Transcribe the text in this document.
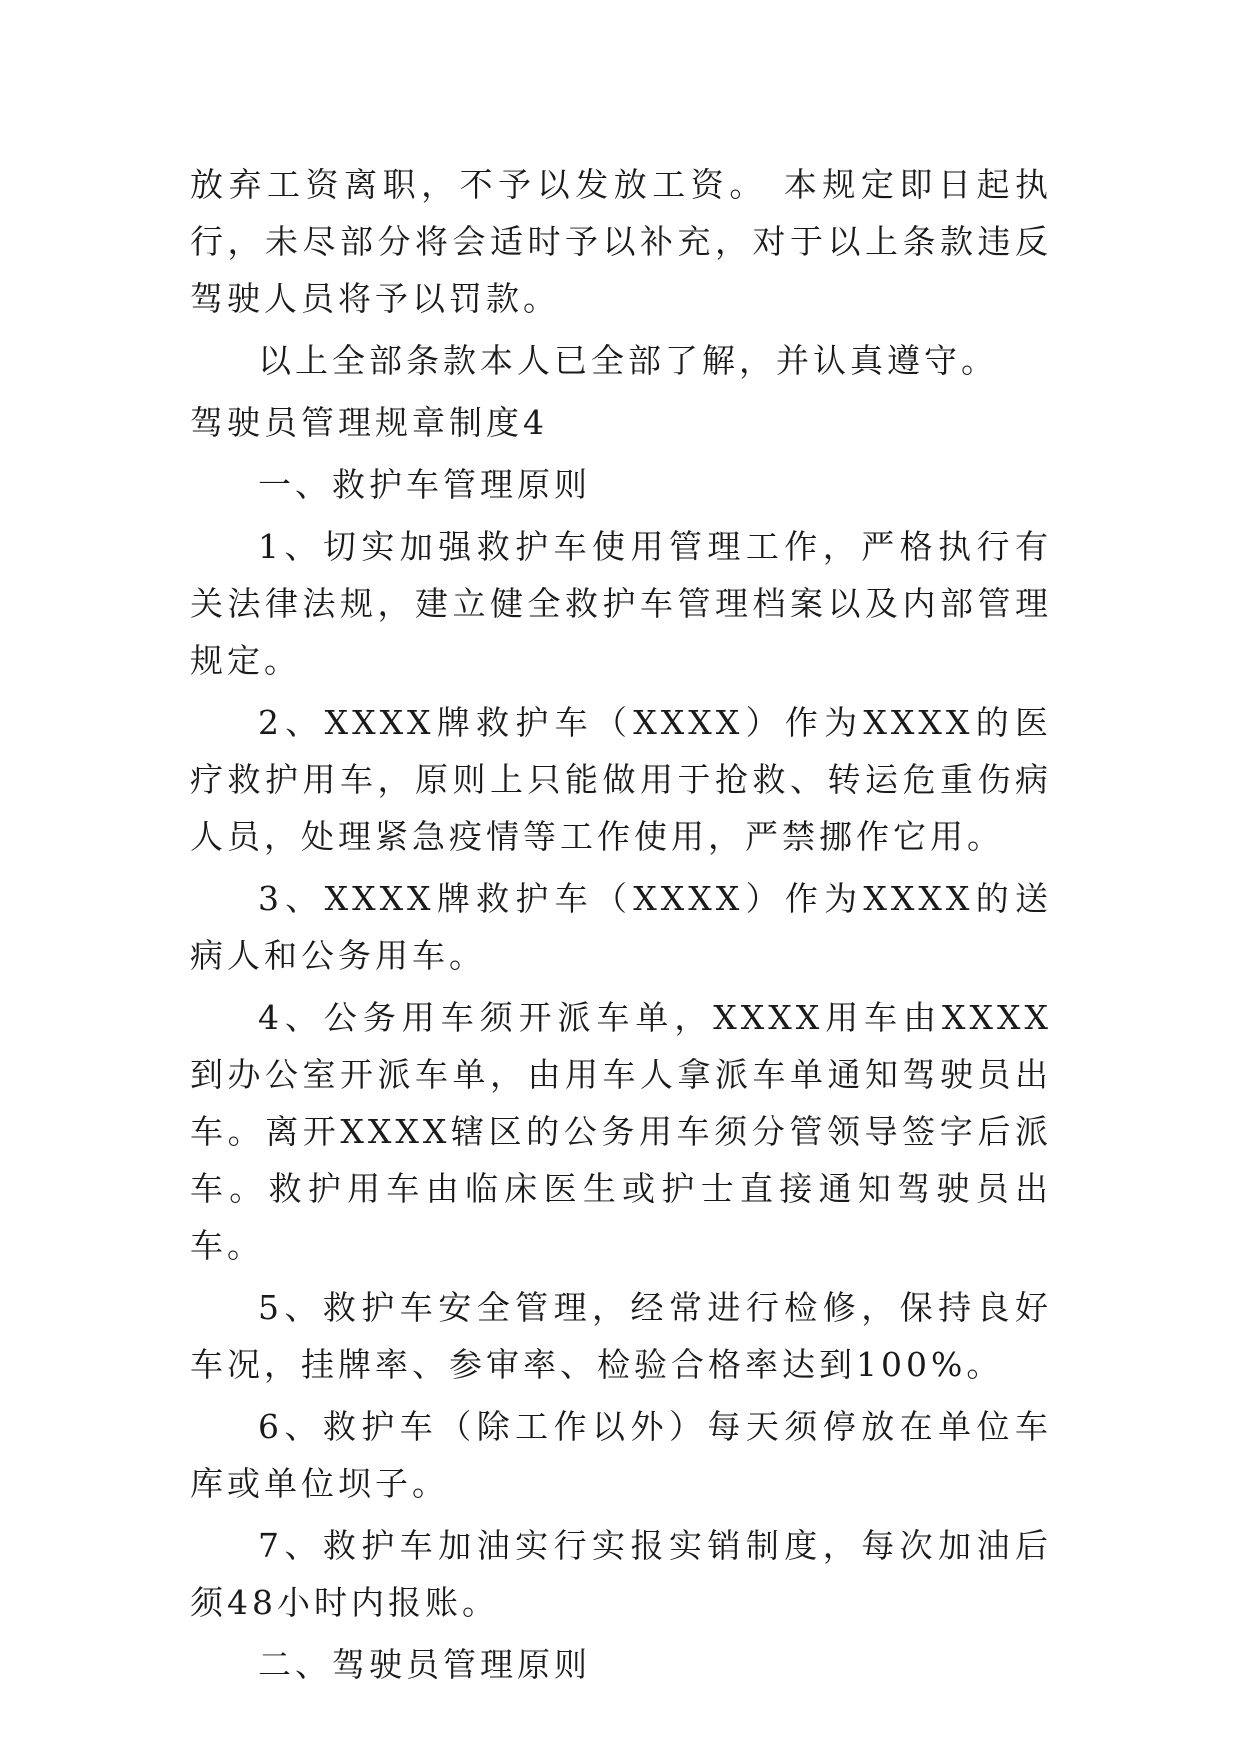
放弃工资离职，不予以发放工资。 本规定即日起执行，未尽部分将会适时予以补充，对于以上条款违反驾驶人员将予以罚款。

以上全部条款本人已全部了解，并认真遵守。

驾驶员管理规章制度4

一、救护车管理原则

1、切实加强救护车使用管理工作，严格执行有关法律法规，建立健全救护车管理档案以及内部管理规定。

2、XXXX牌救护车（XXXX）作为XXXX的医疗救护用车，原则上只能做用于抢救、转运危重伤病人员，处理紧急疫情等工作使用，严禁挪作它用。

3、XXXX牌救护车（XXXX）作为XXXX的送病人和公务用车。

4、公务用车须开派车单，XXXX用车由XXXX到办公室开派车单，由用车人拿派车单通知驾驶员出车。离开XXXX辖区的公务用车须分管领导签字后派车。救护用车由临床医生或护士直接通知驾驶员出车。

5、救护车安全管理，经常进行检修，保持良好车况，挂牌率、参审率、检验合格率达到100%。

6、救护车（除工作以外）每天须停放在单位车库或单位坝子。

7、救护车加油实行实报实销制度，每次加油后须48小时内报账。

二、驾驶员管理原则
